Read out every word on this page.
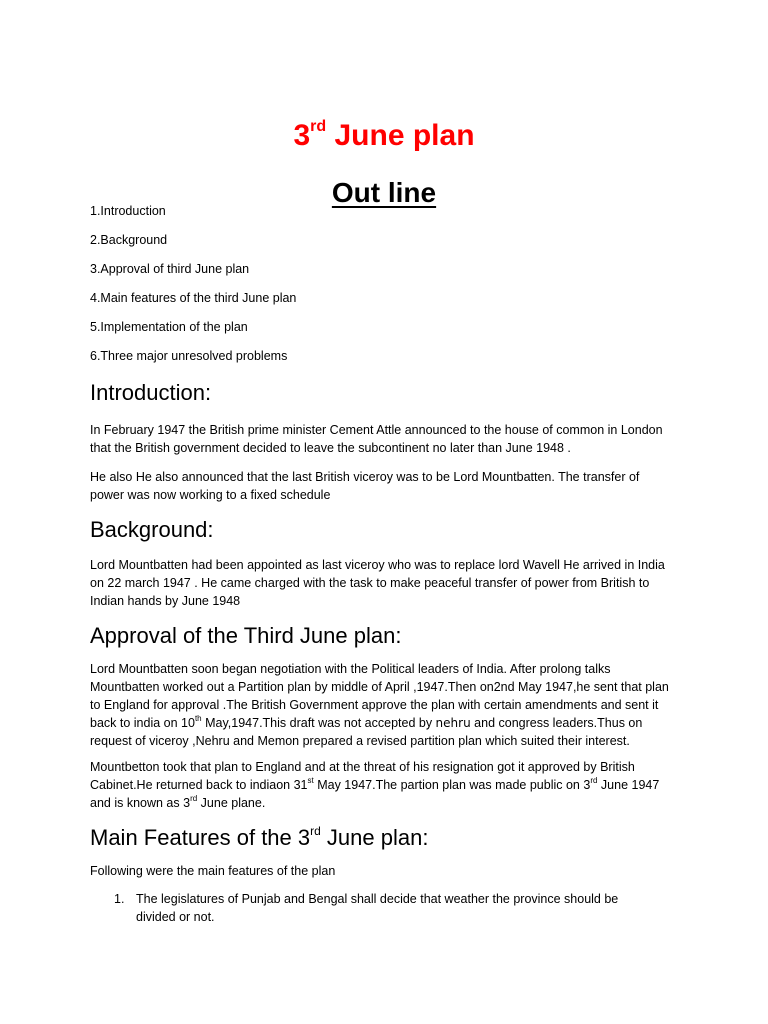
3rd June plan
Out line

1.Introduction

2.Background

3.Approval of third June plan

4.Main features of the third June plan

5.Implementation of the plan

6.Three major unresolved problems

Introduction:

In February 1947 the British prime minister Cement Attle announced to the house of common in London that the British government decided to leave the subcontinent no later than June 1948 .

He also He also announced that the last British viceroy was to be Lord Mountbatten. The transfer of power was now working to a fixed schedule

Background:

Lord Mountbatten had been appointed as last viceroy who was to replace lord Wavell He arrived in India on 22 march 1947 . He came charged with the task to make peaceful transfer of power from British to Indian hands by June 1948

Approval of the Third June plan:

Lord Mountbatten soon began negotiation with the Political leaders of India. After prolong talks Mountbatten worked out a Partition plan by middle of April ,1947.Then on2nd May 1947,he sent that plan to England for approval .The British Government approve the plan with certain amendments and sent it back to india on 10th May,1947.This draft was not accepted by nehru and congress leaders.Thus on request of viceroy ,Nehru and Memon prepared a revised partition plan which suited their interest.

Mountbetton took that plan to England and at the threat of his resignation got it approved by British Cabinet.He returned back to indiaon 31st May 1947.The partion plan was made public on 3rd June 1947 and is known as 3rd June plane.

Main Features of the 3rd June plan:

Following were the main features of the plan

1. The legislatures of Punjab and Bengal shall decide that weather the province should be divided or not.
